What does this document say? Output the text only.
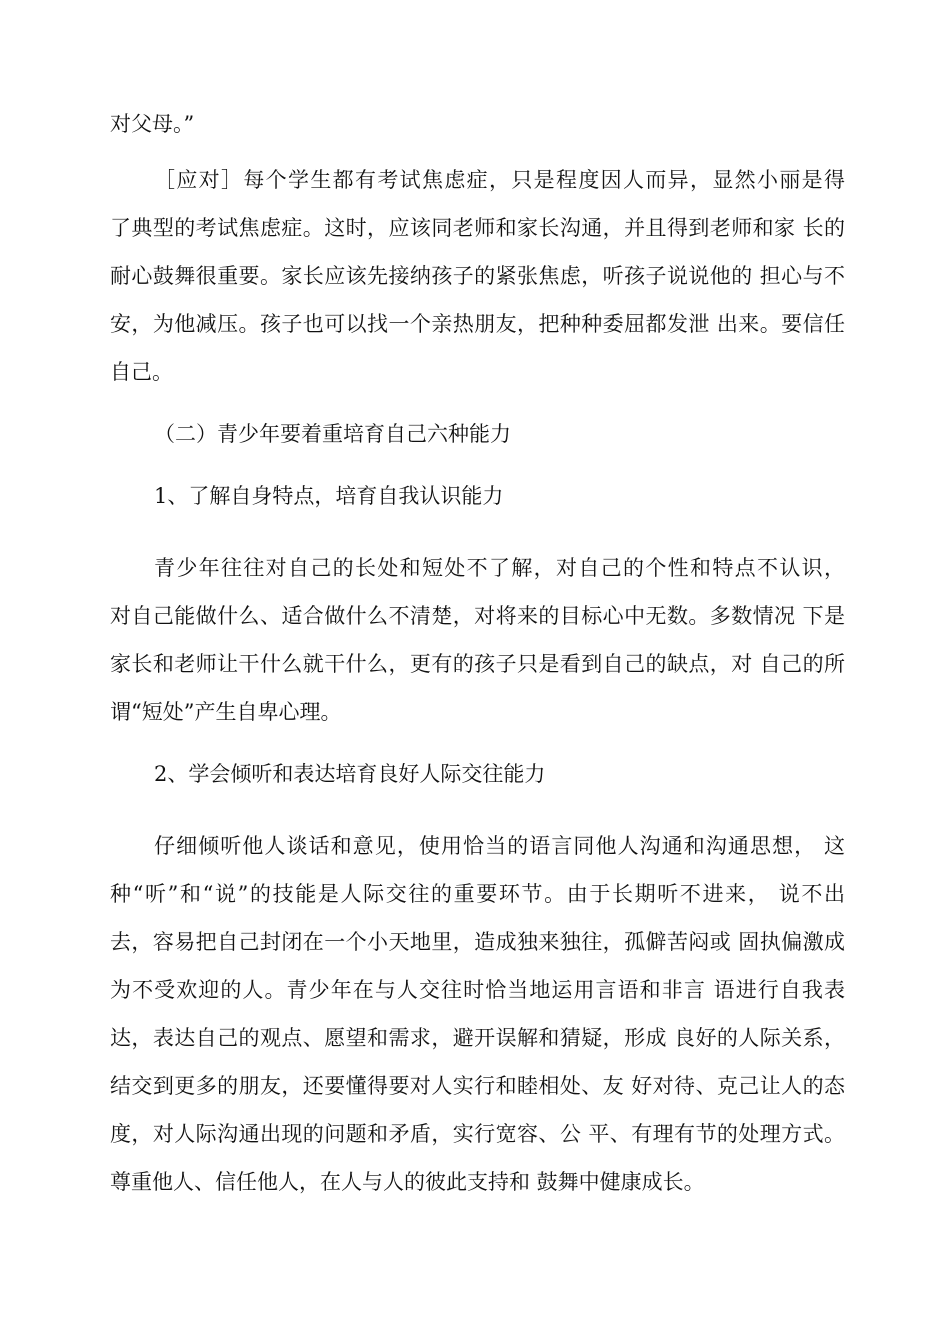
对父母。”

［应对］每个学生都有考试焦虑症，只是程度因人而异，显然小丽是得

了典型的考试焦虑症。这时，应该同老师和家长沟通，并且得到老师和家 长的

耐心鼓舞很重要。家长应该先接纳孩子的紧张焦虑，听孩子说说他的 担心与不

安，为他减压。孩子也可以找一个亲热朋友，把种种委屈都发泄 出来。要信任

自己。

（二）青少年要着重培育自己六种能力

1、了解自身特点，培育自我认识能力

青少年往往对自己的长处和短处不了解，对自己的个性和特点不认识，

对自己能做什么、适合做什么不清楚，对将来的目标心中无数。多数情况 下是

家长和老师让干什么就干什么，更有的孩子只是看到自己的缺点，对 自己的所

谓“短处”产生自卑心理。

2、学会倾听和表达培育良好人际交往能力

仔细倾听他人谈话和意见，使用恰当的语言同他人沟通和沟通思想， 这

种“听”和“说”的技能是人际交往的重要环节。由于长期听不进来， 说不出

去，容易把自己封闭在一个小天地里，造成独来独往，孤僻苦闷或 固执偏激成

为不受欢迎的人。青少年在与人交往时恰当地运用言语和非言 语进行自我表

达，表达自己的观点、愿望和需求，避开误解和猜疑，形成 良好的人际关系，

结交到更多的朋友，还要懂得要对人实行和睦相处、友 好对待、克己让人的态

度，对人际沟通出现的问题和矛盾，实行宽容、公 平、有理有节的处理方式。

尊重他人、信任他人，在人与人的彼此支持和 鼓舞中健康成长。
